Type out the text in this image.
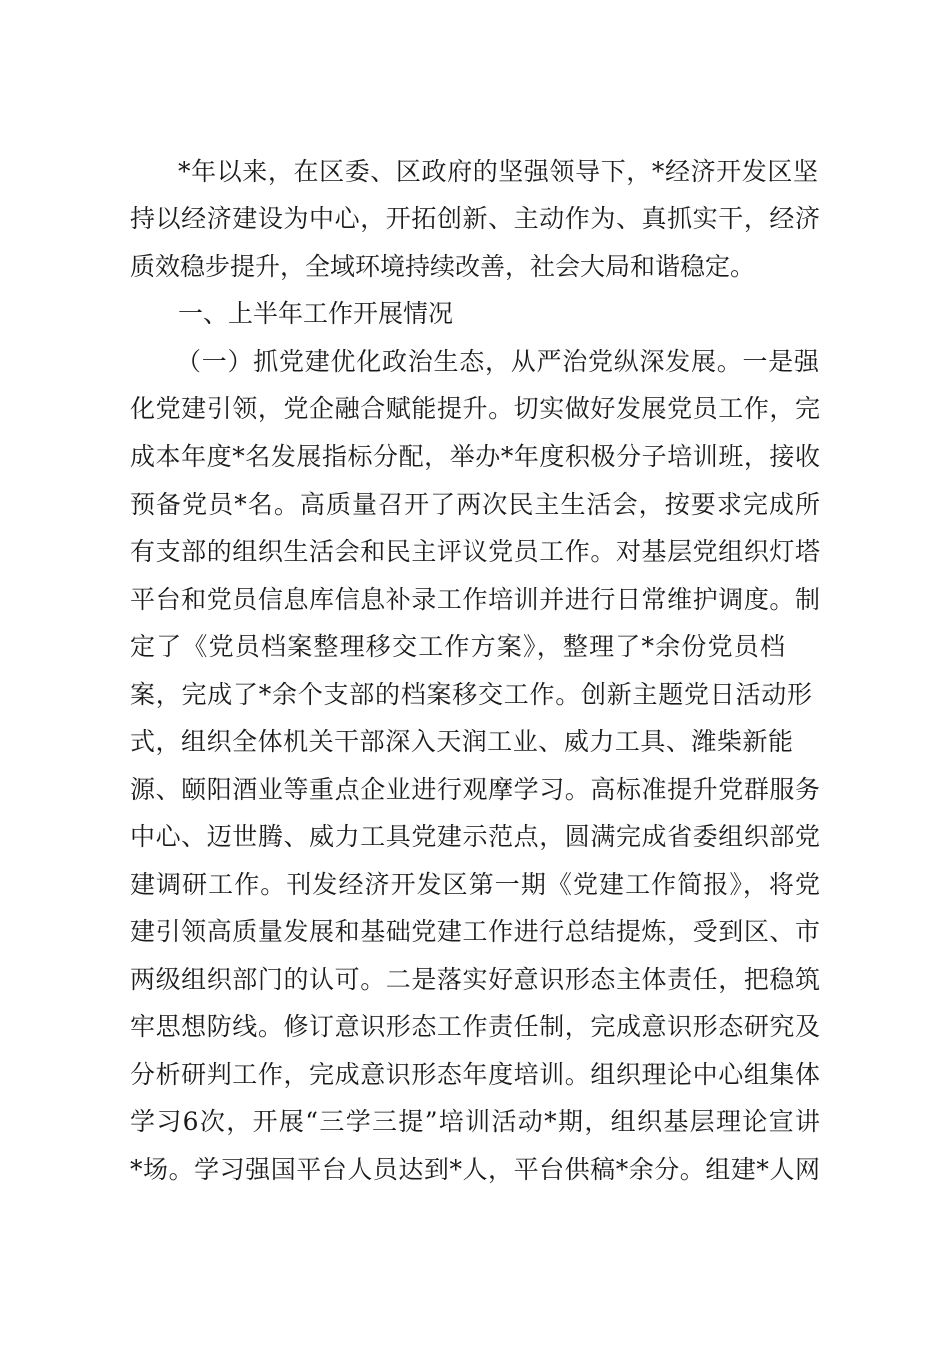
*年以来，在区委、区政府的坚强领导下，*经济开发区坚
持以经济建设为中心，开拓创新、主动作为、真抓实干，经济
质效稳步提升，全域环境持续改善，社会大局和谐稳定。
一、上半年工作开展情况
（一）抓党建优化政治生态，从严治党纵深发展。一是强
化党建引领，党企融合赋能提升。切实做好发展党员工作，完
成本年度*名发展指标分配，举办*年度积极分子培训班，接收
预备党员*名。高质量召开了两次民主生活会，按要求完成所
有支部的组织生活会和民主评议党员工作。对基层党组织灯塔
平台和党员信息库信息补录工作培训并进行日常维护调度。制
定了《党员档案整理移交工作方案》，整理了*余份党员档
案，完成了*余个支部的档案移交工作。创新主题党日活动形
式，组织全体机关干部深入天润工业、威力工具、潍柴新能
源、颐阳酒业等重点企业进行观摩学习。高标准提升党群服务
中心、迈世腾、威力工具党建示范点，圆满完成省委组织部党
建调研工作。刊发经济开发区第一期《党建工作简报》，将党
建引领高质量发展和基础党建工作进行总结提炼，受到区、市
两级组织部门的认可。二是落实好意识形态主体责任，把稳筑
牢思想防线。修订意识形态工作责任制，完成意识形态研究及
分析研判工作，完成意识形态年度培训。组织理论中心组集体
学习6次，开展“三学三提”培训活动*期，组织基层理论宣讲
*场。学习强国平台人员达到*人，平台供稿*余分。组建*人网
